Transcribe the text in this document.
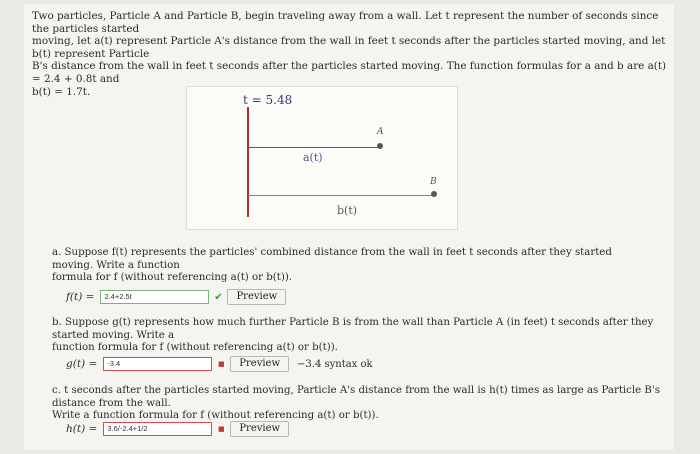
Two particles, Particle A and Particle B, begin traveling away from a wall. Let t represent the number of seconds since the particles started

moving, let a(t) represent Particle A's distance from the wall in feet t seconds after the particles started moving, and let b(t) represent Particle

B's distance from the wall in feet t seconds after the particles started moving. The function formulas for a and b are a(t) = 2.4 + 0.8t and

b(t) = 1.7t.

t = 5.48
A
B
a(t)
b(t)

a. Suppose f(t) represents the particles' combined distance from the wall in feet t seconds after they started moving. Write a function

formula for f (without referencing a(t) or b(t)).

f(t) =	2.4+2.5t	✔	Preview

b. Suppose g(t) represents how much further Particle B is from the wall than Particle A (in feet) t seconds after they started moving. Write a

function formula for f (without referencing a(t) or b(t)).

g(t) =	-3.4	■	Preview	−3.4 syntax ok

c. t seconds after the particles started moving, Particle A's distance from the wall is h(t) times as large as Particle B's distance from the wall.

Write a function formula for f (without referencing a(t) or b(t)).

h(t) =	3.6/-2.4+1/2	■	Preview
